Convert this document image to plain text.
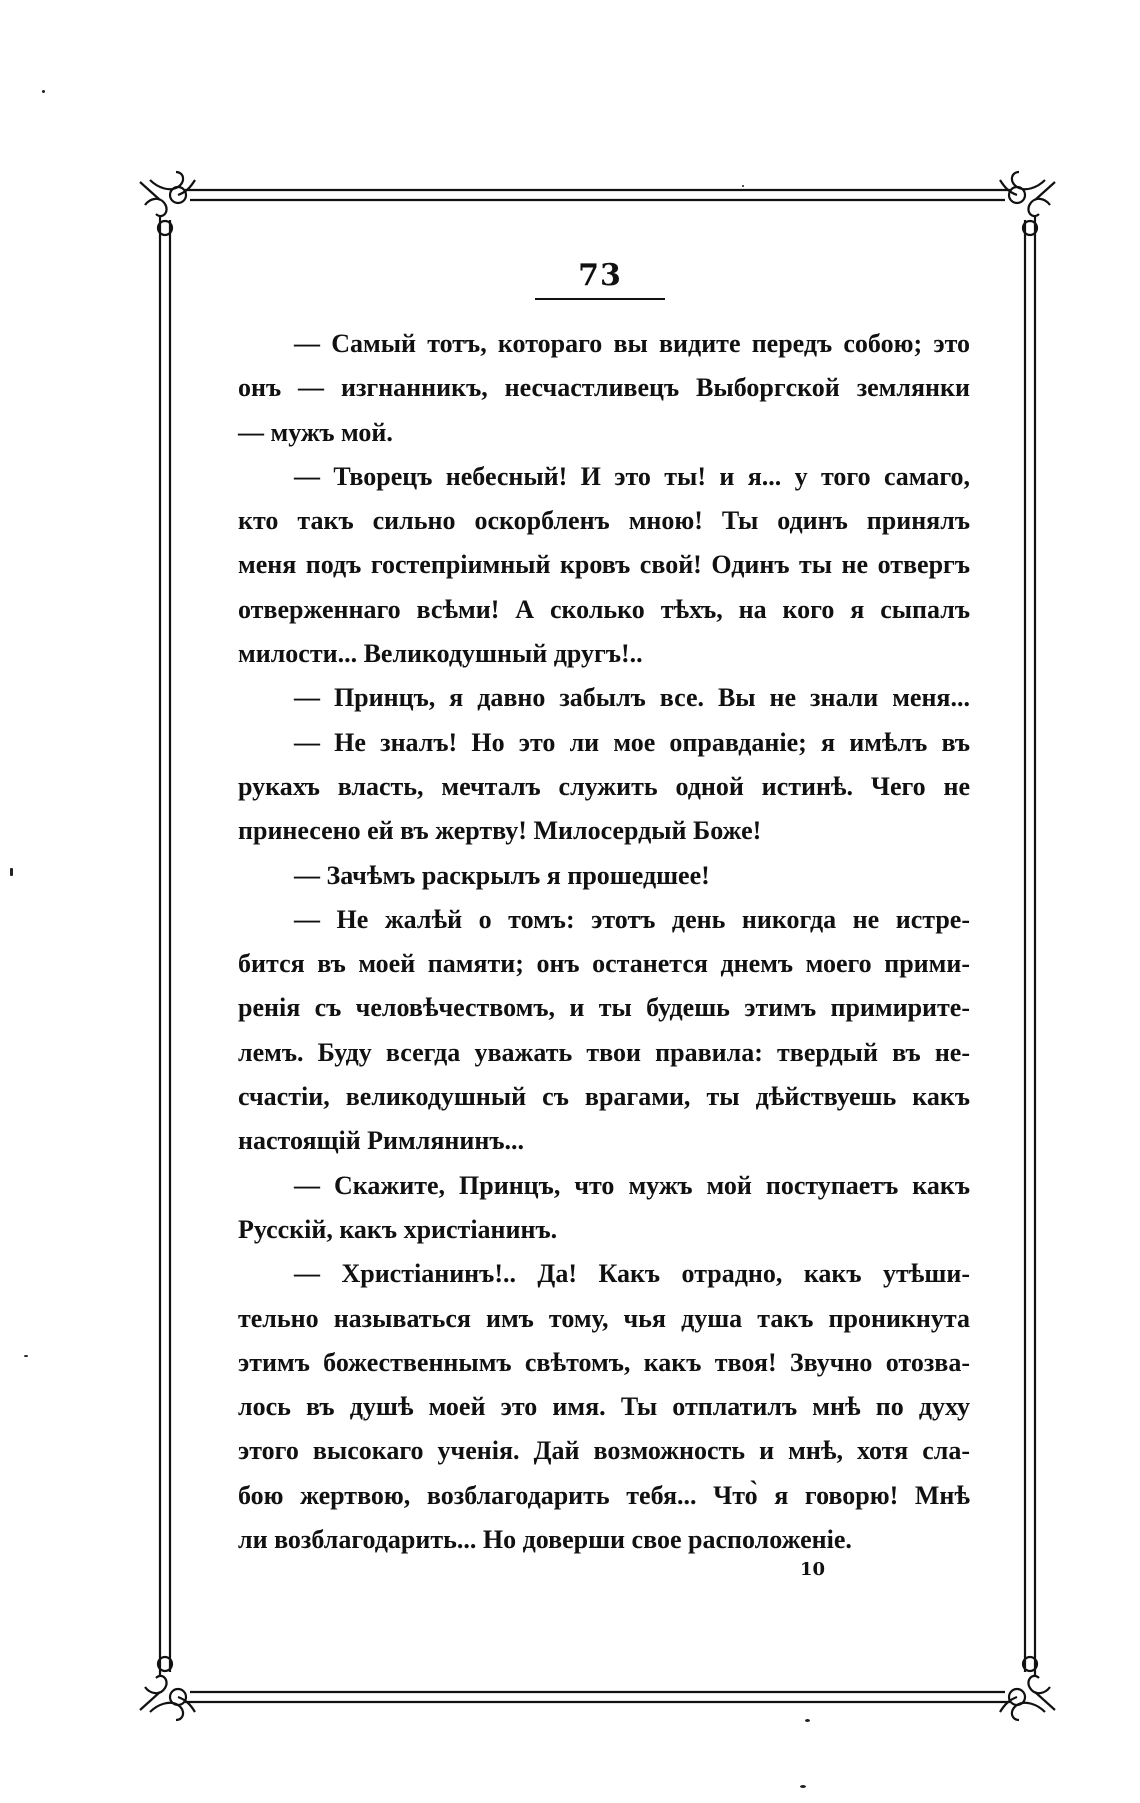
73
— Самый тотъ, котораго вы видите передъ собою; это
онъ — изгнанникъ, несчастливецъ Выборгской землянки
— мужъ мой.
— Творецъ небесный! И это ты! и я... у того самаго,
кто такъ сильно оскорбленъ мною! Ты одинъ принялъ
меня подъ гостепріимный кровъ свой! Одинъ ты не отвергъ
отверженнаго всѣми! А сколько тѣхъ, на кого я сыпалъ
милости... Великодушный другъ!..
— Принцъ, я давно забылъ все. Вы не знали меня...
— Не зналъ! Но это ли мое оправданіе; я имѣлъ въ
рукахъ власть, мечталъ служить одной истинѣ. Чего не
принесено ей въ жертву! Милосердый Боже!
— Зачѣмъ раскрылъ я прошедшее!
— Не жалѣй о томъ: этотъ день никогда не истре-
бится въ моей памяти; онъ останется днемъ моего прими-
ренія съ человѣчествомъ, и ты будешь этимъ примирите-
лемъ. Буду всегда уважать твои правила: твердый въ не-
счастіи, великодушный съ врагами, ты дѣйствуешь какъ
настоящій Римлянинъ...
— Скажите, Принцъ, что мужъ мой поступаетъ какъ
Русскій, какъ христіанинъ.
— Христіанинъ!.. Да! Какъ отрадно, какъ утѣши-
тельно называться имъ тому, чья душа такъ проникнута
этимъ божественнымъ свѣтомъ, какъ твоя! Звучно отозва-
лось въ душѣ моей это имя. Ты отплатилъ мнѣ по духу
этого высокаго ученія. Дай возможность и мнѣ, хотя сла-
бою жертвою, возблагодарить тебя... Что̀ я говорю! Мнѣ
ли возблагодарить... Но доверши свое расположеніе.
10
